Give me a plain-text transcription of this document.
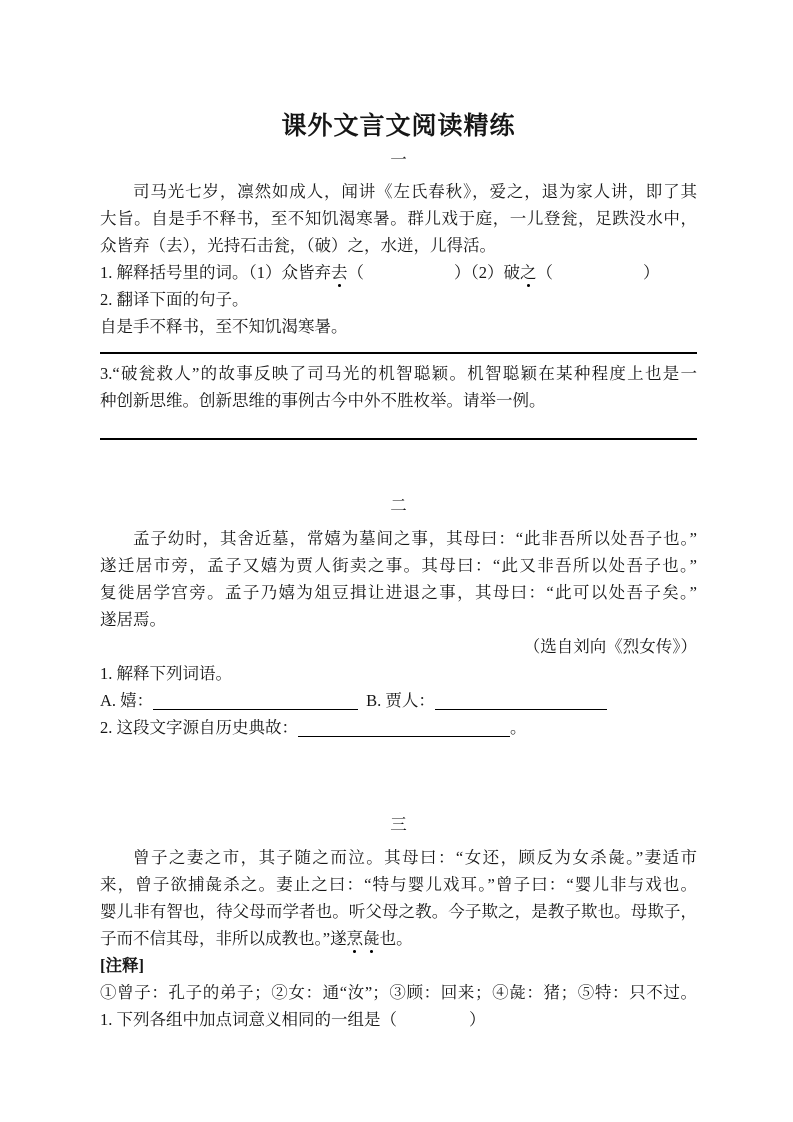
课外文言文阅读精练
一
司马光七岁，凛然如成人，闻讲《左氏春秋》，爱之，退为家人讲，即了其
大旨。自是手不释书，至不知饥渴寒暑。群儿戏于庭，一儿登瓮，足跌没水中，
众皆弃（去），光持石击瓮，（破）之，水迸，儿得活。
1. 解释括号里的词。（1）众皆弃去（	）（2）破之（	）
2. 翻译下面的句子。
自是手不释书，至不知饥渴寒暑。
3.“破瓮救人”的故事反映了司马光的机智聪颖。机智聪颖在某种程度上也是一
种创新思维。创新思维的事例古今中外不胜枚举。请举一例。
二
孟子幼时，其舍近墓，常嬉为墓间之事，其母曰：“此非吾所以处吾子也。”
遂迁居市旁，孟子又嬉为贾人街卖之事。其母曰：“此又非吾所以处吾子也。”
复徙居学宫旁。孟子乃嬉为俎豆揖让进退之事，其母曰：“此可以处吾子矣。”
遂居焉。
（选自刘向《烈女传》）
1. 解释下列词语。
A. 嬉：	B. 贾人：
2. 这段文字源自历史典故：	。
三
曾子之妻之市，其子随之而泣。其母曰：“女还，顾反为女杀彘。”妻适市
来，曾子欲捕彘杀之。妻止之曰：“特与婴儿戏耳。”曾子曰：“婴儿非与戏也。
婴儿非有智也，待父母而学者也。听父母之教。今子欺之，是教子欺也。母欺子，
子而不信其母，非所以成教也。”遂烹彘也。
[注释]
①曾子：孔子的弟子；②女：通“汝”；③顾：回来；④彘：猪；⑤特：只不过。
1. 下列各组中加点词意义相同的一组是（	）
